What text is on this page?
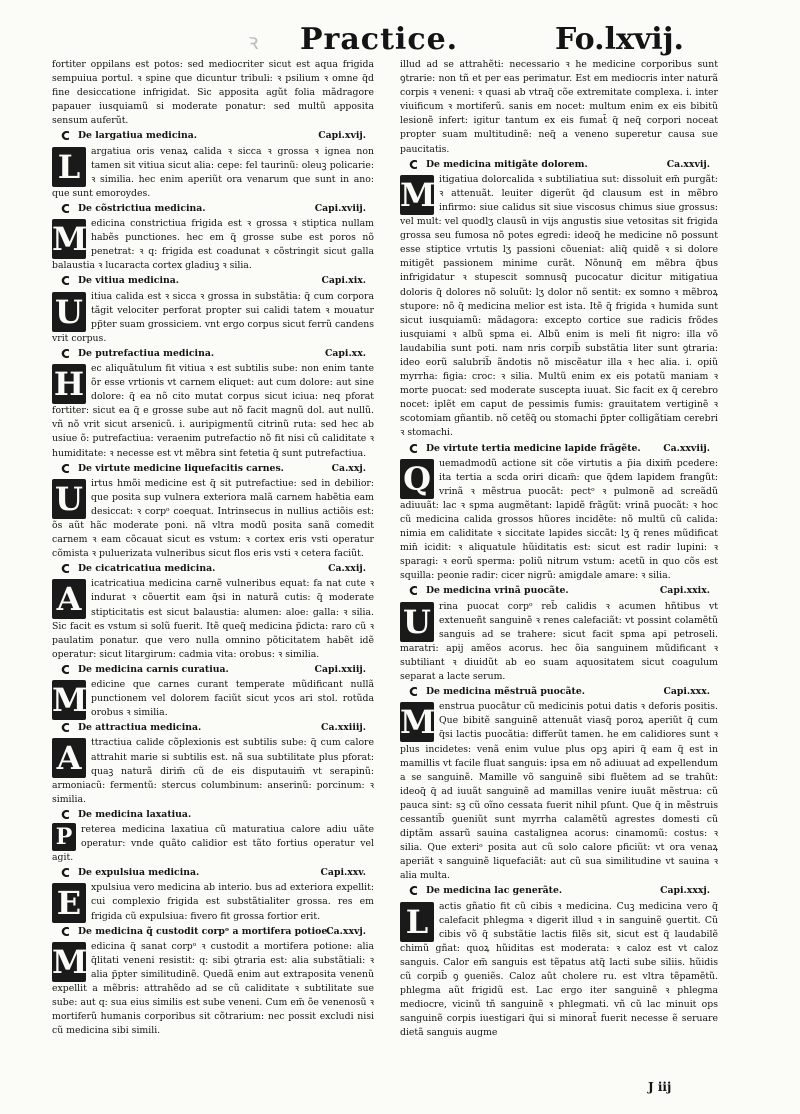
ꝛ Practice.	Fo.lxvij.

fortiter oppilans est potos: sed mediocriter sicut est aqua frigida sempuiua portul. ꝛ spine que dicuntur tribuli: ꝛ psilium ꝛ omne q̃d fine desiccatione infrigidat. Sic apposita agũt folia mãdragore papauer iusquiamũ si moderate ponatur: sed multũ apposita sensum auferũt.

De largatiua medicina.	Capi.xvij.

L	argatiua oris venaꝝ calida ꝛ sicca ꝛ grossa ꝛ ignea non tamen sit vitiua sicut alia: cepe: fel taurinũ: oleuꝫ policarie: ꝛ similia. hec enim aperiũt ora venarum que sunt in ano: que sunt emoroydes.

De cõstrictiua medicina.	Capi.xviij.

M edicina constrictiua frigida est ꝛ grossa ꝛ stiptica nullam habẽs punctiones. hec em q̃ grosse sube est poros nõ penetrat: ꝛ q: frigida est coadunat ꝛ cõstringit sicut galla balaustia ꝛ lucaracta cortex gladiuꝫ ꝛ silia.

De vitiua medicina.	Capi.xix.

U itiua calida est ꝛ sicca ꝛ grossa in substãtia: q̃ cum corpora tãgit velociter perforat propter sui calidi tatem ꝛ mouatur pp̃ter suam grossiciem. vnt ergo corpus sicut ferrũ candens vrit corpus.

De putrefactiua medicina.	Capi.xx.

H ec aliquãtulum fit vitiua ꝛ est subtilis sube: non enim tante õr esse vrtionis vt carnem eliquet: aut cum dolore: aut sine dolore: q̃ ea nõ cito mutat corpus sicut iciua: neq pforat fortiter: sicut ea q̃ e grosse sube aut nõ facit magnũ dol. aut nullũ. vñ nõ vrit sicut arsenicũ. i. auripigmentũ citrinũ ruta: sed hec ab usiue õ: putrefactiua: veraenim putrefactio nõ fit nisi cũ caliditate ꝛ humiditate: ꝛ necesse est vt mẽbra sint fetetia q̃ sunt putrefactiua.

De virtute medicine liquefacitis carnes.	Ca.xxj.

U irtus hmõi medicine est q̃ sit putrefactiue: sed in debilior: que posita sup vulnera exteriora malã carnem habẽtia eam desiccat: ꝛ corpᵒ coequat. Intrinsecus in nullius actiõis est: õs aũt hãc moderate poni. nã vltra modũ posita sanã comedit carnem ꝛ eam cõcauat sicut es vstum: ꝛ cortex eris vsti operatur cõmista ꝛ puluerizata vulneribus sicut flos eris vsti ꝛ cetera faciũt.

De cicatricatiua medicina.	Ca.xxij.

A	icatricatiua medicina carnẽ vulneribus equat: fa nat cute ꝛ indurat ꝛ cõuertit eam q̃si in naturã cutis: q̃ moderate stipticitatis est sicut balaustia: alumen: aloe: galla: ꝛ silia. Sic facit es vstum si solũ fuerit. Itẽ queq̃ medicina p̃dicta: raro cũ ꝛ paulatim ponatur. que vero nulla omnino põticitatem habẽt idẽ operatur: sicut litargirum: cadmia vita: orobus: ꝛ similia.

De medicina carnis curatiua.	Capi.xxiij.

M edicine que carnes curant temperate mũdificant nullã punctionem vel dolorem faciũt sicut ycos ari stol. rotũda orobus ꝛ similia.

De attractiua medicina.	Ca.xxiiij.

A	ttractiua calide cõplexionis est subtilis sube: q̃ cum calore attrahit marie si subtilis est. nã sua subtilitate plus pforat: quaꝫ naturã dirim̃ cũ de eis disputauim̃ vt serapinũ: armoniacũ: fermentũ: stercus columbinum: anserinũ: porcinum: ꝛ similia.

De medicina laxatiua.

P reterea medicina laxatiua cũ maturatiua calore adiu uãte operatur: vnde quãto calidior est tãto fortius operatur vel agit.

De expulsiua medicina.	Capi.xxv.

E	xpulsiua vero medicina ab interio. bus ad exteriora expellit: cui complexio frigida est substãtialiter grossa. res em frigida cũ expulsiua: fivero fit grossa fortior erit.

De medicina q̃ custodit corpᵒ a mortifera potioe.
Ca.xxvj.

M edicina q̃ sanat corpᵒ ꝛ custodit a mortifera potione: alia q̃litati veneni resistit: q: sibi ꝯtraria est: alia substãtiali: ꝛ alia p̃pter similitudinẽ. Quedã enim aut extraposita venenũ expellit a mẽbris: attrahẽdo ad se cũ caliditate ꝛ subtilitate sue sube: aut q: sua eius similis est sube veneni. Cum em̃ õe venenosũ ꝛ mortiferũ humanis corporibus sit cõtrarium: nec possit excludi nisi cũ medicina sibi simili.

illud ad se attrahẽti: necessario ꝛ he medicine corporibus sunt ꝯtrarie: non tñ et per eas perimatur. Est em mediocris inter naturã corpis ꝛ veneni: ꝛ quasi ab vtraq̃ cõe extremitate complexa. i. inter viuificum ꝛ mortiferũ. sanis em nocet: multum enim ex eis bibitũ lesionẽ infert: igitur tantum ex eis fumat̃ q̃ neq̃ corpori noceat propter suam multitudinẽ: neq̃ a veneno superetur causa sue paucitatis.

De medicina mitigãte dolorem.	Ca.xxvij.

M itigatiua dolorcalida ꝛ subtiliatiua sut: dissoluit em̃ purgãt: ꝛ attenuãt. leuiter digerũt q̃d clausum est in mẽbro infirmo: siue calidus sit siue viscosus chimus siue grossus: vel mult: vel quodlʒ clausũ in vijs angustis siue vetositas sit frigida grossa seu fumosa nõ potes egredi: ideoq̃ he medicine nõ possunt esse stiptice vrtutis lʒ passioni cõueniat: aliq̃ quidẽ ꝛ si dolore mitigẽt passionem minime curãt. Nõnunq̃ em mẽbra q̃bus infrigidatur ꝛ stupescit somnusq̃ pucocatur dicitur mitigatiua doloris q̃ dolores nõ soluũt: lʒ dolor nõ sentit: ex somno ꝛ mẽbroꝝ stupore: nõ q̃ medicina melior est ista. Itẽ q̃ frigida ꝛ humida sunt sicut iusquiamũ: mãdagora: excepto cortice sue radicis frõdes iusquiami ꝛ albũ spma ei. Albũ enim is meli fit nigro: illa võ laudabilia sunt poti. nam nris corpib̃ substãtia liter sunt ꝯtraria: ideo eorũ salubrib̃ ãndotis nõ miscẽatur illa ꝛ hec alia. i. opiũ myrrha: figia: croc: ꝛ silia. Multũ enim ex eis potatũ maniam ꝛ morte puocat: sed moderate suscepta iuuat. Sic facit ex q̃ cerebro nocet: iplẽt em caput de pessimis fumis: grauitatem vertiginẽ ꝛ scotomiam gñantib. nõ cetẽq̃ ou stomachi p̃pter colligãtiam cerebri ꝛ stomachi.

De virtute tertia medicine lapide frãgẽte. Ca.xxviij.

Q uemadmodũ actione sit cõe virtutis a p̃ia dixim̃ pcedere: ita tertia a scda oriri dicam̃: que q̃dem lapidem frangũt: vrinã ꝛ mẽstrua puocãt: pectᵒ ꝛ pulmonẽ ad screãdũ adiuuãt: lac ꝛ spma augmẽtant: lapidẽ frãgũt: vrinã puocãt: ꝛ hoc cũ medicina calida grossos hũores incidẽte: nõ multũ cũ calida: nimia em caliditate ꝛ siccitate lapides siccãt: lʒ q̃ renes mũdificat min̄ icidit: ꝛ aliquatule hũiditatis est: sicut est radir lupini: ꝛ sparagi: ꝛ eorũ sperma: poliũ nitrum vstum: acetũ in quo cõs est squilla: peonie radir: cicer nigrũ: amigdale amare: ꝛ silia.

De medicina vrinã puocãte.	Capi.xxix.

U rina puocat corpᵒ reb̃ calidis ꝛ acumen hñtibus vt extenueñt sanguinẽ ꝛ renes calefaciãt: vt possint colamẽtũ sanguis ad se trahere: sicut facit spma api petroseli. maratri: apij amẽos acorus. hec õia sanguinem mũdificant ꝛ subtiliant ꝛ diuidũt ab eo suam aquositatem sicut coagulum separat a lacte serum.

De medicina mẽstruã puocãte.	Capi.xxx.

M enstrua puocãtur cũ medicinis potui datis ꝛ deforis positis. Que bibitẽ sanguinẽ attenuãt viasq̃ poroꝝ aperiũt q̃ cum q̃si lactis puocãtia: differũt tamen. he em calidiores sunt ꝛ plus incidetes: venã enim vulue plus opꝫ apiri q̃ eam q̃ est in mamillis vt facile fluat sanguis: ipsa em nõ adiuuat ad expellendum a se sanguinẽ. Mamille võ sanguinẽ sibi fluẽtem ad se trahũt: ideoq̃ q̃ ad iuuãt sanguinẽ ad mamillas venire iuuãt mẽstrua: cũ pauca sint: sꝫ cũ oĩno cessata fuerit nihil pſunt. Que q̃ in mẽstruis cessantib̃ ꝯueniũt sunt myrrha calamẽtũ agrestes domesti cũ diptãm assarũ sauina castalignea acorus: cinamomũ: costus: ꝛ silia. Que exteriᵒ posita aut cũ solo calore pficiũt: vt ora venaꝝ aperiãt ꝛ sanguinẽ liquefaciãt: aut cũ sua similitudine vt sauina ꝛ alia multa.

De medicina lac generãte.	Capi.xxxj.

L	actis gñatio fit cũ cibis ꝛ medicina. Cuꝫ medicina vero q̃ calefacit phlegma ꝛ digerit illud ꝛ in sanguinẽ ꝯuertit. Cũ cibis võ q̃ substãtie lactis filẽs sit, sicut est q̃ laudabilẽ chimũ gñat: quoꝝ hũiditas est moderata: ꝛ caloz est vt caloz sanguis. Calor em̃ sanguis est tẽpatus atq̃ lacti sube siliis. hũidis cũ corpib̃ ꝯ ꝯueniẽs. Caloz aũt cholere ru. est vltra tẽpamẽtũ. phlegma aũt frigidũ est. Lac ergo iter sanguinẽ ꝛ phlegma mediocre, vicinũ tñ sanguinẽ ꝛ phlegmati. vñ cũ lac minuit ops sanguinẽ corpis iuestigari q̃ui si minorat̃ fuerit necesse ẽ seruare dietã sanguis augme

J iij
